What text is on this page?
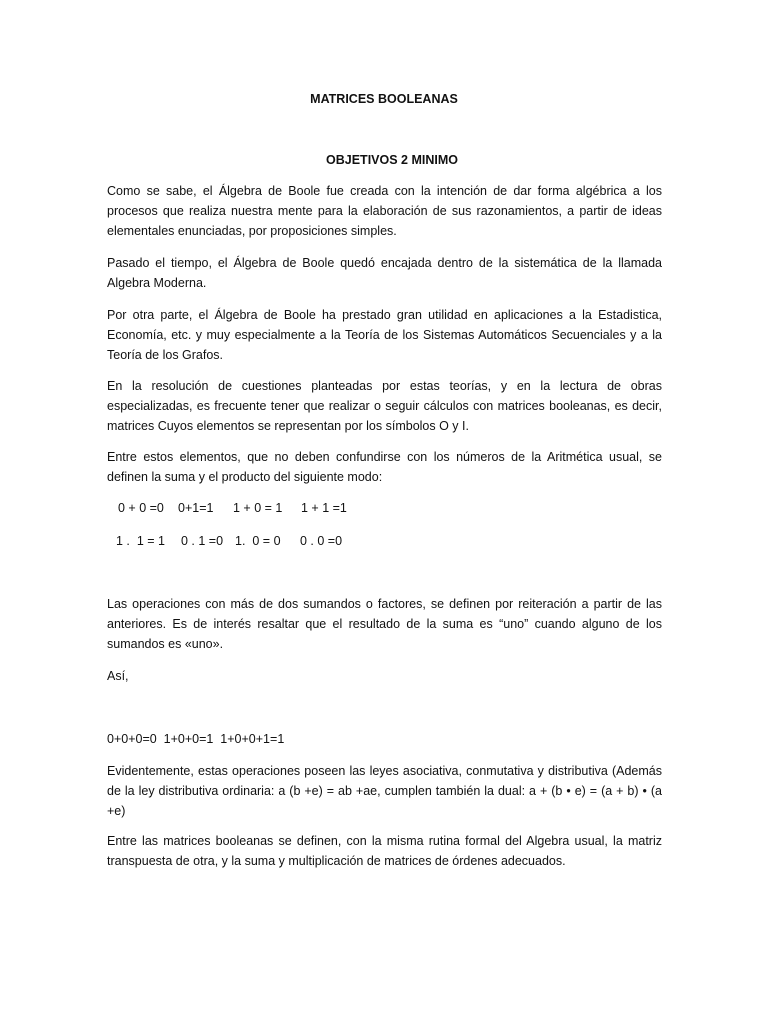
MATRICES BOOLEANAS
OBJETIVOS 2 MINIMO

Como se sabe, el Álgebra de Boole fue creada con la intención de dar forma algébrica a los procesos que realiza nuestra mente para la elaboración de sus razonamientos, a partir de ideas elementales enunciadas, por proposiciones simples.

Pasado el tiempo, el Álgebra de Boole quedó encajada dentro de la sistemática de la llamada Algebra Moderna.

Por otra parte, el Álgebra de Boole ha prestado gran utilidad en aplicaciones a la Estadistica, Economía, etc. y muy especialmente a la Teoría de los Sistemas Automáticos Secuenciales y a la Teoría de los Grafos.

En la resolución de cuestiones planteadas por estas teorías, y en la lectura de obras especializadas, es frecuente tener que realizar o seguir cálculos con matrices booleanas, es decir, matrices Cuyos elementos se representan por los símbolos O y I.

Entre estos elementos, que no deben confundirse con los números de la Aritmética usual, se definen la suma y el producto del siguiente modo:

0 + 0 =0 0+1=1 1 + 0 = 1 1 + 1 =1
1 .  1 = 1 0 . 1 =0 1.  0 = 0 0 . 0 =0

Las operaciones con más de dos sumandos o factores, se definen por reiteración a partir de las anteriores. Es de interés resaltar que el resultado de la suma es “uno” cuando alguno de los sumandos es «uno».

Así,

0+0+0=0  1+0+0=1  1+0+0+1=1

Evidentemente, estas operaciones poseen las leyes asociativa, conmutativa y distributiva (Además de la ley distributiva ordinaria: a (b +e) = ab +ae, cumplen también la dual: a + (b • e) = (a + b) • (a +e)

Entre las matrices booleanas se definen, con la misma rutina formal del Algebra usual, la matriz transpuesta de otra, y la suma y multiplicación de matrices de órdenes adecuados.
